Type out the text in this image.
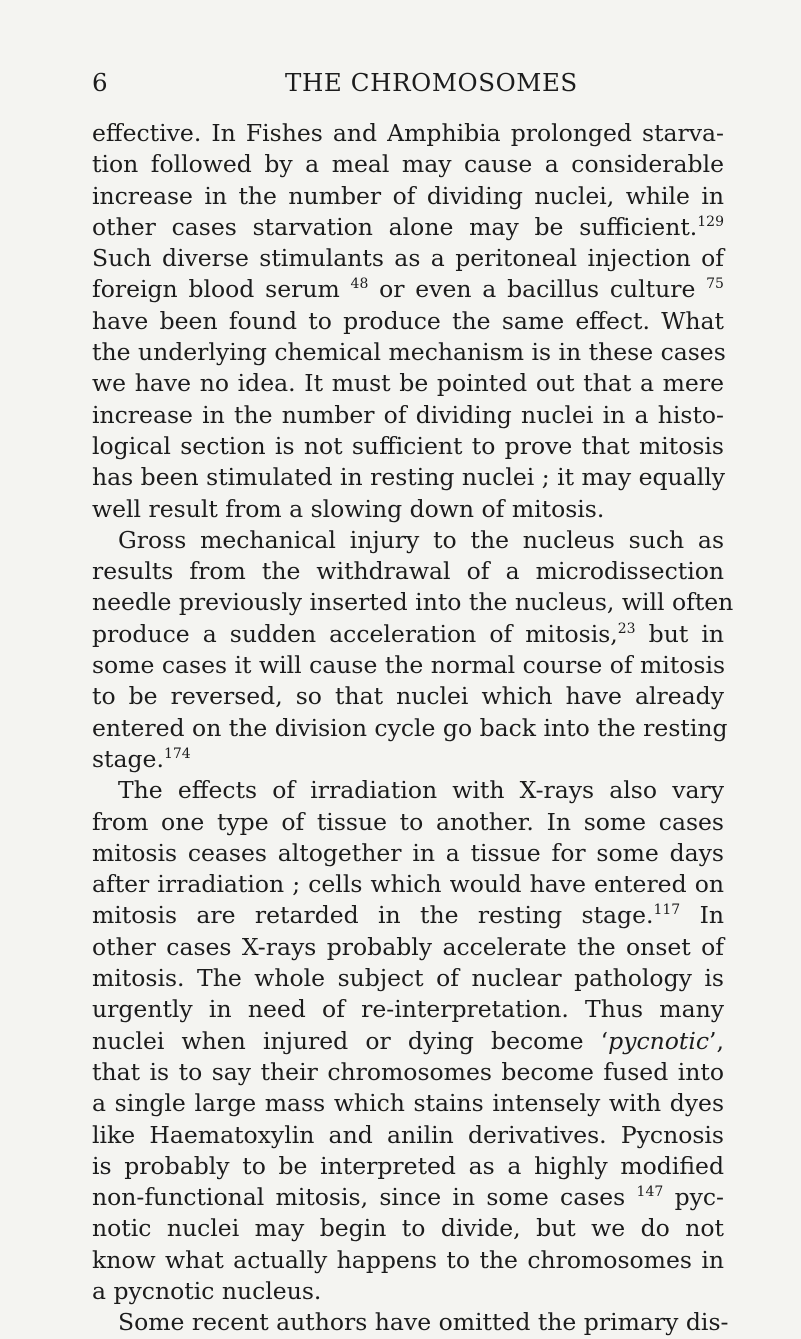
6	THE CHROMOSOMES
effective. In Fishes and Amphibia prolonged starva-
tion followed by a meal may cause a considerable
increase in the number of dividing nuclei, while in
other cases starvation alone may be sufficient.$^{129}$
Such diverse stimulants as a peritoneal injection of
foreign blood serum $^{48}$ or even a bacillus culture $^{75}$
have been found to produce the same effect. What
the underlying chemical mechanism is in these cases
we have no idea. It must be pointed out that a mere
increase in the number of dividing nuclei in a histo-
logical section is not sufficient to prove that mitosis
has been stimulated in resting nuclei ; it may equally
well result from a slowing down of mitosis.
Gross mechanical injury to the nucleus such as
results from the withdrawal of a microdissection
needle previously inserted into the nucleus, will often
produce a sudden acceleration of mitosis,$^{23}$ but in
some cases it will cause the normal course of mitosis
to be reversed, so that nuclei which have already
entered on the division cycle go back into the resting
stage.$^{174}$
The effects of irradiation with X-rays also vary
from one type of tissue to another. In some cases
mitosis ceases altogether in a tissue for some days
after irradiation ; cells which would have entered on
mitosis are retarded in the resting stage.$^{117}$ In
other cases X-rays probably accelerate the onset of
mitosis. The whole subject of nuclear pathology is
urgently in need of re-interpretation. Thus many
nuclei when injured or dying become ‘pycnotic’,
that is to say their chromosomes become fused into
a single large mass which stains intensely with dyes
like Haematoxylin and anilin derivatives. Pycnosis
is probably to be interpreted as a highly modified
non-functional mitosis, since in some cases $^{147}$ pyc-
notic nuclei may begin to divide, but we do not
know what actually happens to the chromosomes in
a pycnotic nucleus.
Some recent authors have omitted the primary dis-
